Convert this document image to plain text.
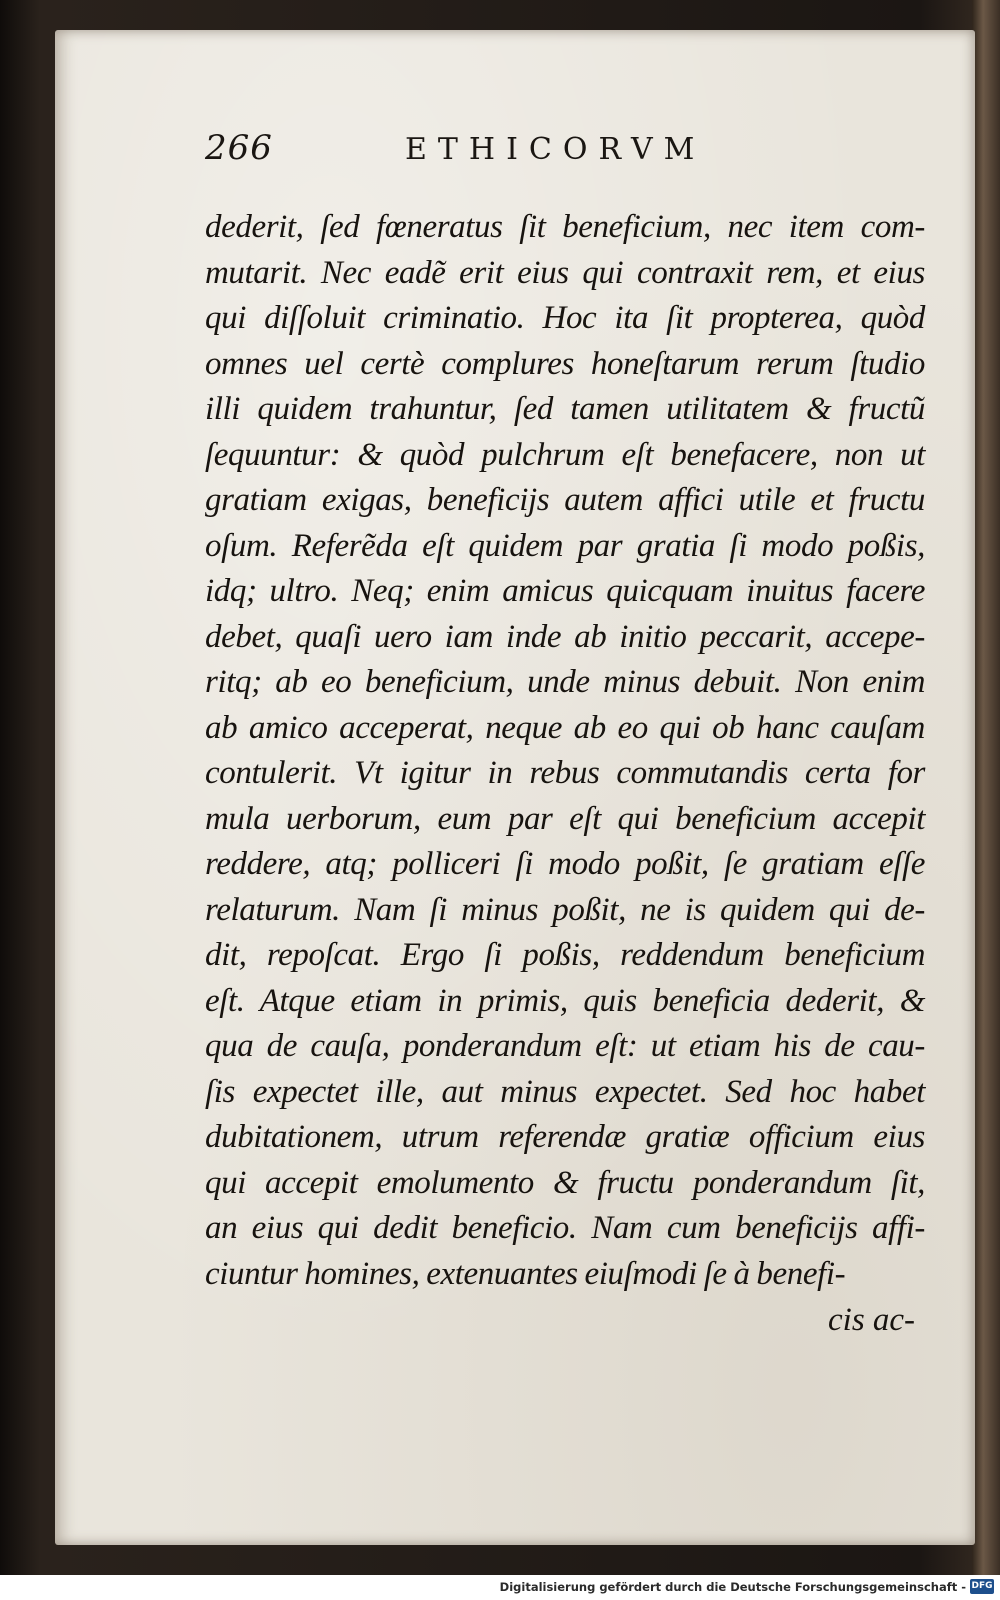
266	ETHICORVM
dederit, ſed fœneratus ſit beneficium, nec item com-
mutarit. Nec eadẽ erit eius qui contraxit rem, et eius
qui diſſoluit criminatio. Hoc ita ſit propterea, quòd
omnes uel certè complures honeſtarum rerum ſtudio
illi quidem trahuntur, ſed tamen utilitatem & fructũ
ſequuntur: & quòd pulchrum eſt benefacere, non ut
gratiam exigas, beneficijs autem affici utile et fructu
oſum. Referẽda eſt quidem par gratia ſi modo poßis,
idq; ultro. Neq; enim amicus quicquam inuitus facere
debet, quaſi uero iam inde ab initio peccarit, accepe-
ritq; ab eo beneficium, unde minus debuit. Non enim
ab amico acceperat, neque ab eo qui ob hanc cauſam
contulerit. Vt igitur in rebus commutandis certa for
mula uerborum, eum par eſt qui beneficium accepit
reddere, atq; polliceri ſi modo poßit, ſe gratiam eſſe
relaturum. Nam ſi minus poßit, ne is quidem qui de-
dit, repoſcat. Ergo ſi poßis, reddendum beneficium
eſt. Atque etiam in primis, quis beneficia dederit, &
qua de cauſa, ponderandum eſt: ut etiam his de cau-
ſis expectet ille, aut minus expectet. Sed hoc habet
dubitationem, utrum referendæ gratiæ officium eius
qui accepit emolumento & fructu ponderandum ſit,
an eius qui dedit beneficio. Nam cum beneficijs affi-
ciuntur homines, extenuantes eiuſmodi ſe à benefi-
cis ac-
Digitalisierung gefördert durch die Deutsche Forschungsgemeinschaft - DFG
